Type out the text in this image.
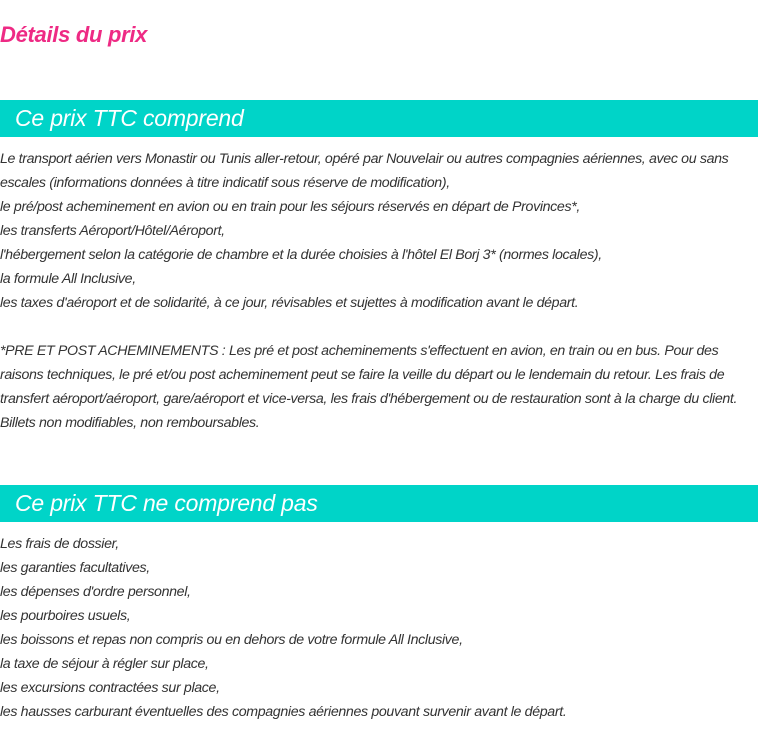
Détails du prix
Ce prix TTC comprend
Le transport aérien vers Monastir ou Tunis aller-retour, opéré par Nouvelair ou autres compagnies aériennes, avec ou sans escales (informations données à titre indicatif sous réserve de modification),
le pré/post acheminement en avion ou en train pour les séjours réservés en départ de Provinces*,
les transferts Aéroport/Hôtel/Aéroport,
l'hébergement selon la catégorie de chambre et la durée choisies à l'hôtel El Borj 3* (normes locales),
la formule All Inclusive,
les taxes d'aéroport et de solidarité, à ce jour, révisables et sujettes à modification avant le départ.
*PRE ET POST ACHEMINEMENTS : Les pré et post acheminements s'effectuent en avion, en train ou en bus. Pour des raisons techniques, le pré et/ou post acheminement peut se faire la veille du départ ou le lendemain du retour. Les frais de transfert aéroport/aéroport, gare/aéroport et vice-versa, les frais d'hébergement ou de restauration sont à la charge du client. Billets non modifiables, non remboursables.
Ce prix TTC ne comprend pas
Les frais de dossier,
les garanties facultatives,
les dépenses d'ordre personnel,
les pourboires usuels,
les boissons et repas non compris ou en dehors de votre formule All Inclusive,
la taxe de séjour à régler sur place,
les excursions contractées sur place,
les hausses carburant éventuelles des compagnies aériennes pouvant survenir avant le départ.
